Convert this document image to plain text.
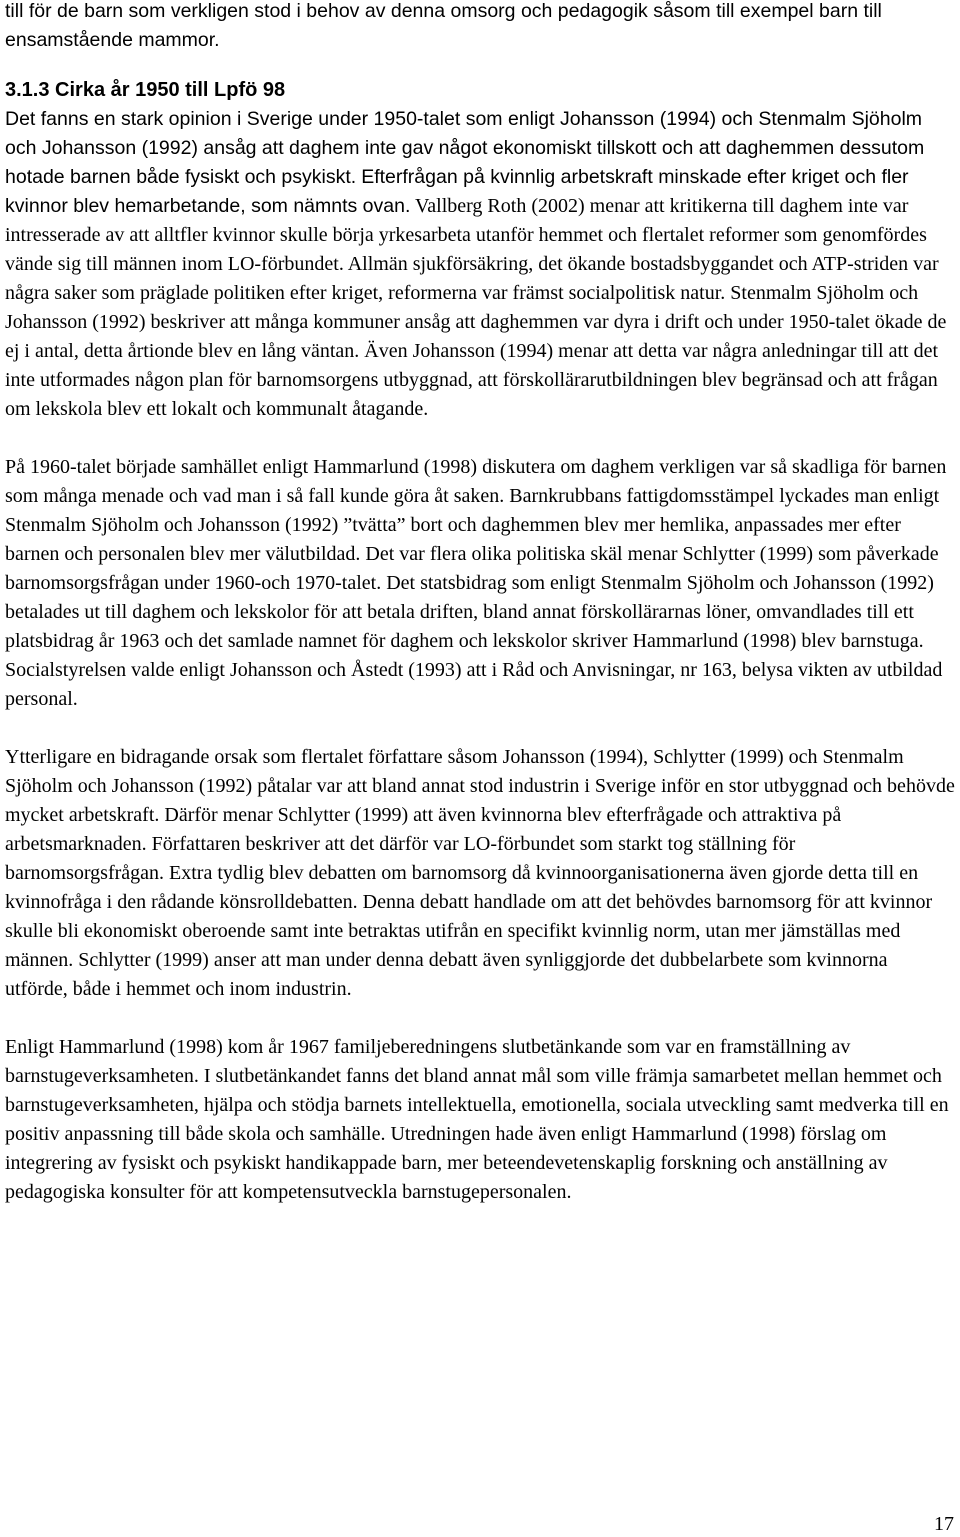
till för de barn som verkligen stod i behov av denna omsorg och pedagogik såsom till exempel barn till ensamstående mammor.

3.1.3 Cirka år 1950 till Lpfö 98

Det fanns en stark opinion i Sverige under 1950-talet som enligt Johansson (1994) och Stenmalm Sjöholm och Johansson (1992) ansåg att daghem inte gav något ekonomiskt tillskott och att daghemmen dessutom hotade barnen både fysiskt och psykiskt. Efterfrågan på kvinnlig arbetskraft minskade efter kriget och fler kvinnor blev hemarbetande, som nämnts ovan. Vallberg Roth (2002) menar att kritikerna till daghem inte var intresserade av att alltfler kvinnor skulle börja yrkesarbeta utanför hemmet och flertalet reformer som genomfördes vände sig till männen inom LO-förbundet. Allmän sjukförsäkring, det ökande bostadsbyggandet och ATP-striden var några saker som präglade politiken efter kriget, reformerna var främst socialpolitisk natur. Stenmalm Sjöholm och Johansson (1992) beskriver att många kommuner ansåg att daghemmen var dyra i drift och under 1950-talet ökade de ej i antal, detta årtionde blev en lång väntan. Även Johansson (1994) menar att detta var några anledningar till att det inte utformades någon plan för barnomsorgens utbyggnad, att förskollärarutbildningen blev begränsad och att frågan om lekskola blev ett lokalt och kommunalt åtagande.

På 1960-talet började samhället enligt Hammarlund (1998) diskutera om daghem verkligen var så skadliga för barnen som många menade och vad man i så fall kunde göra åt saken. Barnkrubbans fattigdomsstämpel lyckades man enligt Stenmalm Sjöholm och Johansson (1992) ”tvätta” bort och daghemmen blev mer hemlika, anpassades mer efter barnen och personalen blev mer välutbildad. Det var flera olika politiska skäl menar Schlytter (1999) som påverkade barnomsorgsfrågan under 1960-och 1970-talet. Det statsbidrag som enligt Stenmalm Sjöholm och Johansson (1992) betalades ut till daghem och lekskolor för att betala driften, bland annat förskollärarnas löner, omvandlades till ett platsbidrag år 1963 och det samlade namnet för daghem och lekskolor skriver Hammarlund (1998) blev barnstuga. Socialstyrelsen valde enligt Johansson och Åstedt (1993) att i Råd och Anvisningar, nr 163, belysa vikten av utbildad personal.

Ytterligare en bidragande orsak som flertalet författare såsom Johansson (1994), Schlytter (1999) och Stenmalm Sjöholm och Johansson (1992) påtalar var att bland annat stod industrin i Sverige inför en stor utbyggnad och behövde mycket arbetskraft. Därför menar Schlytter (1999) att även kvinnorna blev efterfrågade och attraktiva på arbetsmarknaden. Författaren beskriver att det därför var LO-förbundet som starkt tog ställning för barnomsorgsfrågan. Extra tydlig blev debatten om barnomsorg då kvinnoorganisationerna även gjorde detta till en kvinnofråga i den rådande könsrolldebatten. Denna debatt handlade om att det behövdes barnomsorg för att kvinnor skulle bli ekonomiskt oberoende samt inte betraktas utifrån en specifikt kvinnlig norm, utan mer jämställas med männen. Schlytter (1999) anser att man under denna debatt även synliggjorde det dubbelarbete som kvinnorna utförde, både i hemmet och inom industrin.

Enligt Hammarlund (1998) kom år 1967 familjeberedningens slutbetänkande som var en framställning av barnstugeverksamheten. I slutbetänkandet fanns det bland annat mål som ville främja samarbetet mellan hemmet och barnstugeverksamheten, hjälpa och stödja barnets intellektuella, emotionella, sociala utveckling samt medverka till en positiv anpassning till både skola och samhälle. Utredningen hade även enligt Hammarlund (1998) förslag om integrering av fysiskt och psykiskt handikappade barn, mer beteendevetenskaplig forskning och anställning av pedagogiska konsulter för att kompetensutveckla barnstugepersonalen.

17
